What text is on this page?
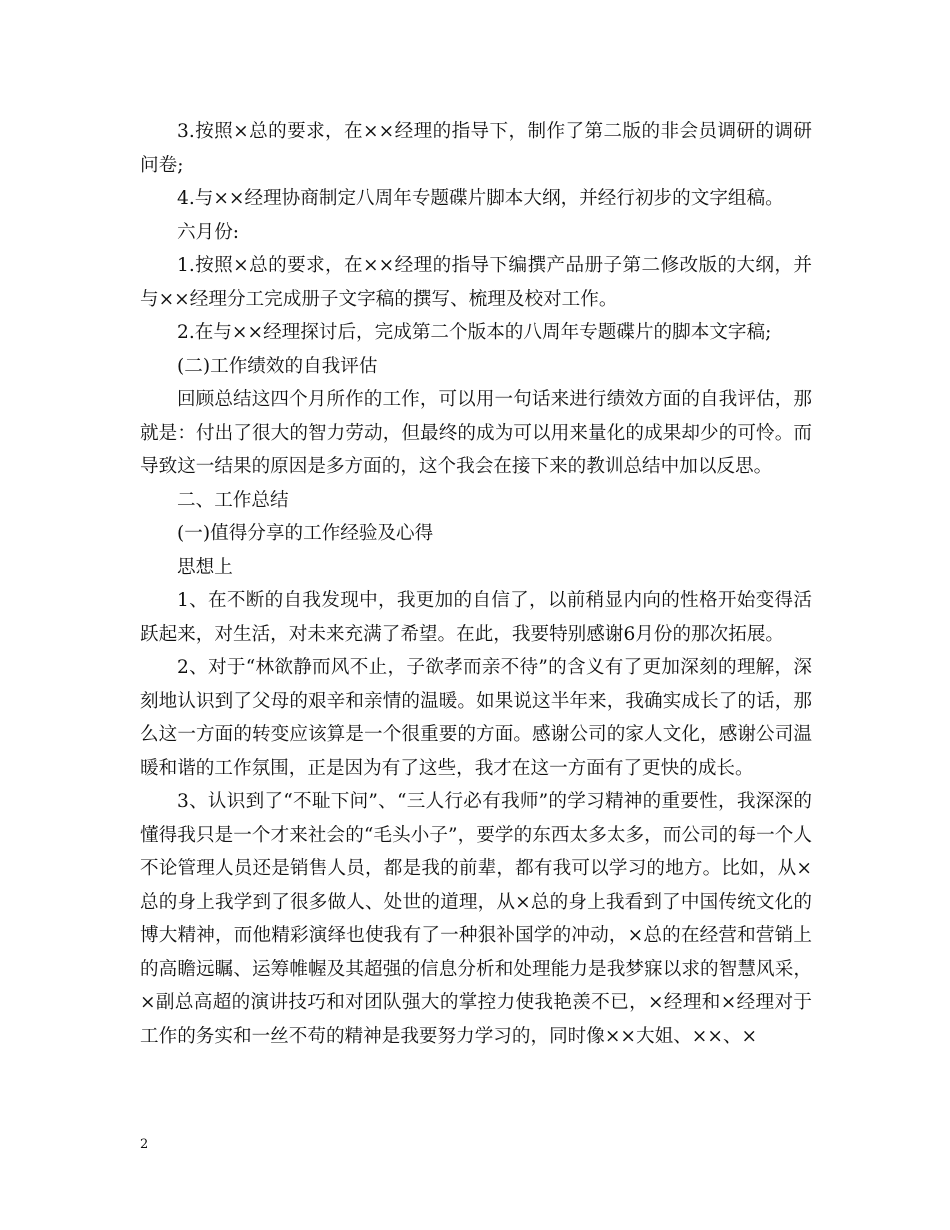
3.按照×总的要求，在××经理的指导下，制作了第二版的非会员调研的调研问卷;

4.与××经理协商制定八周年专题碟片脚本大纲，并经行初步的文字组稿。

六月份:

1.按照×总的要求，在××经理的指导下编撰产品册子第二修改版的大纲，并与××经理分工完成册子文字稿的撰写、梳理及校对工作。

2.在与××经理探讨后，完成第二个版本的八周年专题碟片的脚本文字稿;

(二)工作绩效的自我评估

回顾总结这四个月所作的工作，可以用一句话来进行绩效方面的自我评估，那就是：付出了很大的智力劳动，但最终的成为可以用来量化的成果却少的可怜。而导致这一结果的原因是多方面的，这个我会在接下来的教训总结中加以反思。

二、工作总结

(一)值得分享的工作经验及心得

思想上

1、在不断的自我发现中，我更加的自信了，以前稍显内向的性格开始变得活跃起来，对生活，对未来充满了希望。在此，我要特别感谢6月份的那次拓展。

2、对于“林欲静而风不止，子欲孝而亲不待”的含义有了更加深刻的理解，深刻地认识到了父母的艰辛和亲情的温暖。如果说这半年来，我确实成长了的话，那么这一方面的转变应该算是一个很重要的方面。感谢公司的家人文化，感谢公司温暖和谐的工作氛围，正是因为有了这些，我才在这一方面有了更快的成长。

3、认识到了“不耻下问”、“三人行必有我师”的学习精神的重要性，我深深的懂得我只是一个才来社会的“毛头小子”，要学的东西太多太多，而公司的每一个人不论管理人员还是销售人员，都是我的前辈，都有我可以学习的地方。比如，从×总的身上我学到了很多做人、处世的道理，从×总的身上我看到了中国传统文化的博大精神，而他精彩演绎也使我有了一种狠补国学的冲动，×总的在经营和营销上的高瞻远瞩、运筹帷幄及其超强的信息分析和处理能力是我梦寐以求的智慧风采，×副总高超的演讲技巧和对团队强大的掌控力使我艳羡不已，×经理和×经理对于工作的务实和一丝不苟的精神是我要努力学习的，同时像××大姐、××、×

2
